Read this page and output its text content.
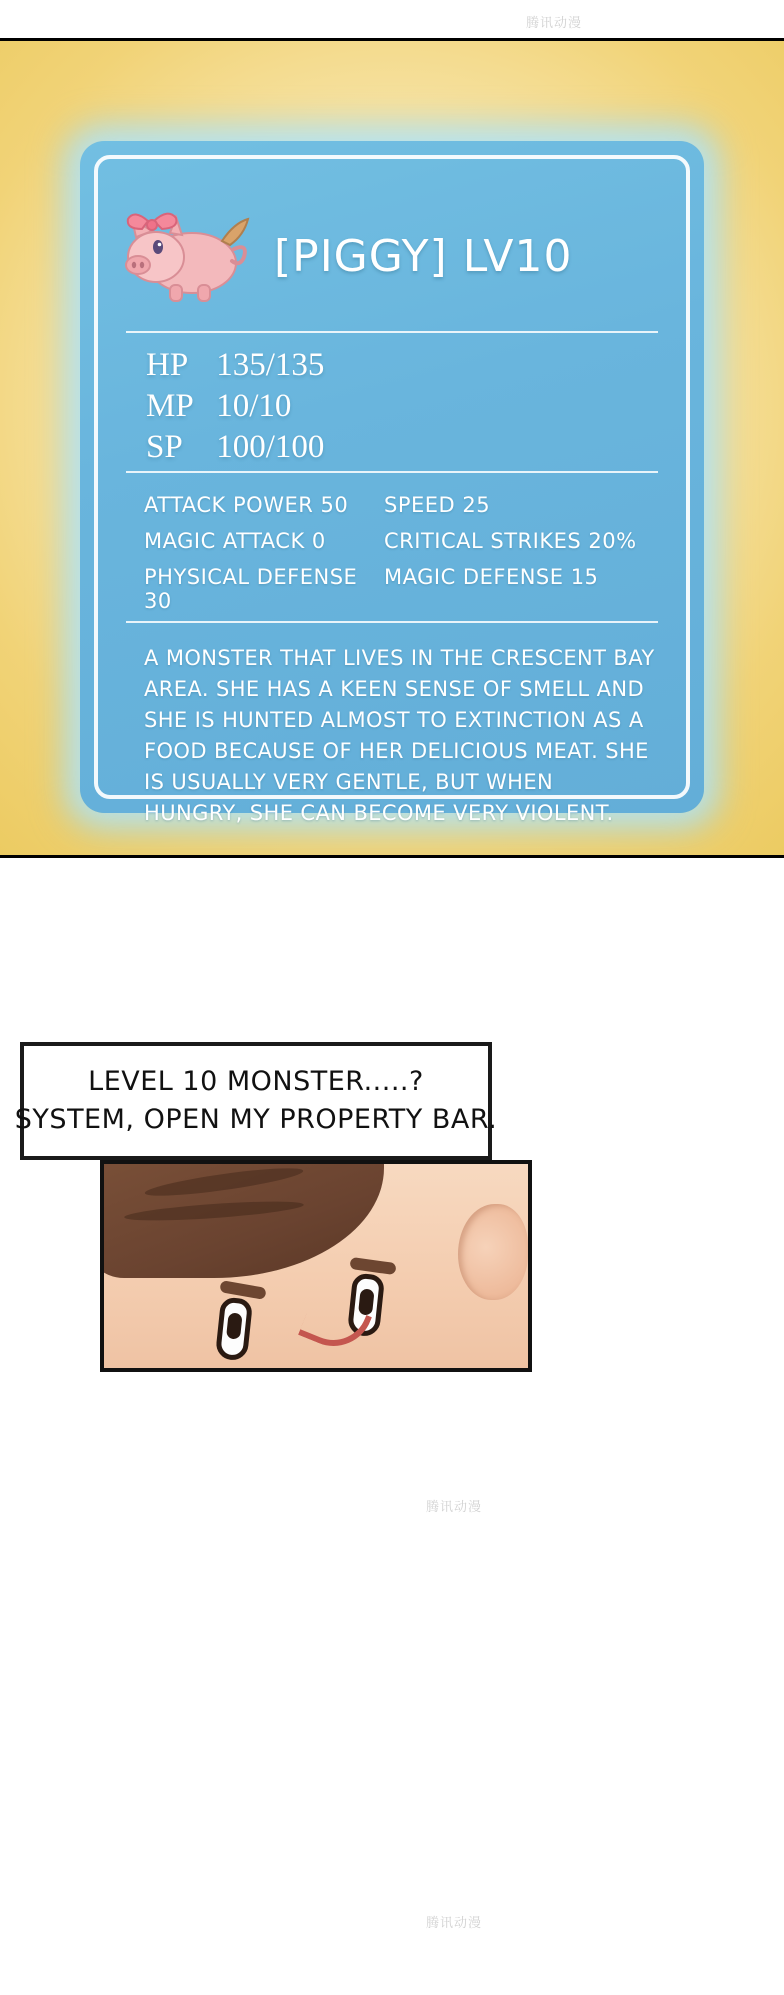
腾讯动漫
[PIGGY] LV10
HP 135/135
MP 10/10
SP 100/100
ATTACK POWER 50	SPEED 25
MAGIC ATTACK 0	CRITICAL STRIKES 20%
PHYSICAL DEFENSE 30
MAGIC DEFENSE 15
A MONSTER THAT LIVES IN THE CRESCENT BAY AREA. SHE HAS A KEEN SENSE OF SMELL AND SHE IS HUNTED ALMOST TO EXTINCTION AS A FOOD BECAUSE OF HER DELICIOUS MEAT. SHE IS USUALLY VERY GENTLE, BUT WHEN HUNGRY, SHE CAN BECOME VERY VIOLENT.
LEVEL 10 MONSTER.....?
SYSTEM, OPEN MY PROPERTY BAR.
腾讯动漫
腾讯动漫
